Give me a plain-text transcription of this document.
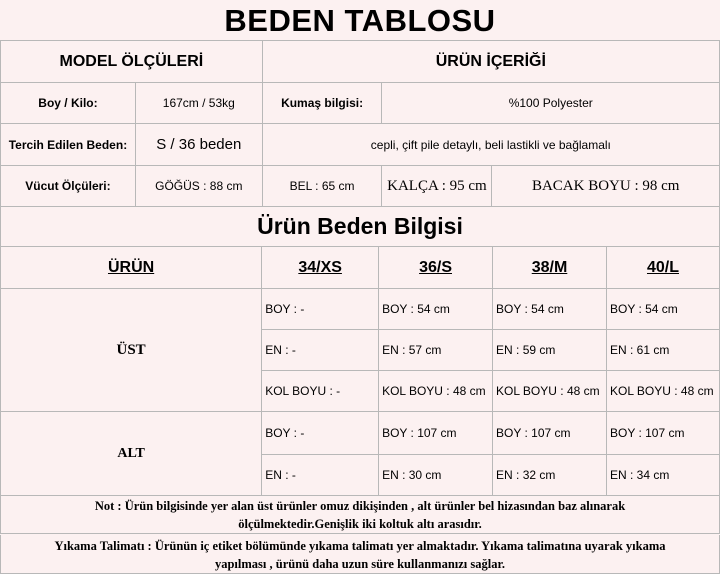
BEDEN TABLOSU
MODEL ÖLÇÜLERİ		ÜRÜN İÇERİĞİ		
Boy / Kilo:	167cm / 53kg	Kumaş bilgisi:	%100 Polyester	
Tercih Edilen Beden:	S / 36 beden	cepli, çift pile detaylı, beli lastikli ve bağlamalı		
Vücut Ölçüleri:	GÖĞÜS : 88 cm	BEL : 65 cm	KALÇA : 95 cm	BACAK BOYU : 98 cm
Ürün Beden Bilgisi
ÜRÜN	34/XS	36/S	38/M	40/L
ÜST	BOY : -	BOY : 54 cm	BOY : 54 cm	BOY : 54 cm
	EN : -	EN : 57 cm	EN : 59 cm	EN : 61 cm
	KOL BOYU : -	KOL BOYU : 48 cm	KOL BOYU : 48 cm	KOL BOYU : 48 cm
ALT	BOY : -	BOY : 107 cm	BOY : 107 cm	BOY : 107 cm
	EN : -	EN : 30 cm	EN : 32 cm	EN : 34 cm
Not : Ürün bilgisinde yer alan üst ürünler omuz dikişinden , alt ürünler bel hizasından baz alınarak
ölçülmektedir.Genişlik iki koltuk altı arasıdır.
Yıkama Talimatı : Ürünün iç etiket bölümünde yıkama talimatı yer almaktadır. Yıkama talimatına uyarak yıkama
yapılması , ürünü daha uzun süre kullanmanızı sağlar.
